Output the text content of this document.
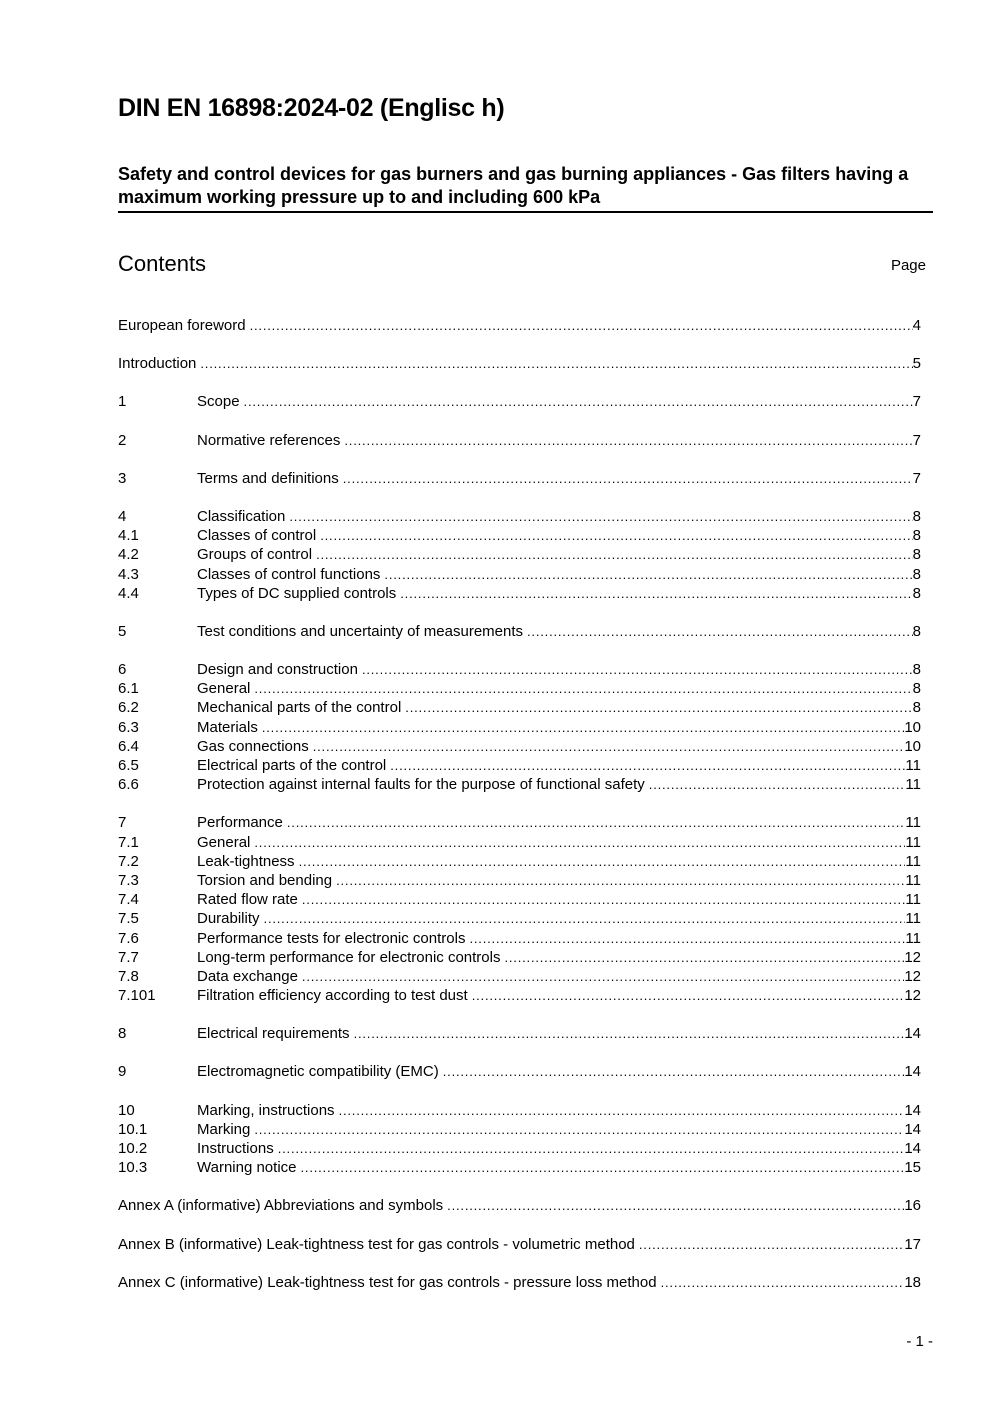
DIN EN 16898:2024-02 (Englisc h)
Safety and control devices for gas burners and gas burning appliances - Gas filters having a maximum working pressure up to and including 600 kPa
Contents	Page
European foreword .....	4
Introduction .....	5
1	Scope .....	7
2	Normative references .....	7
3	Terms and definitions .....	7
4	Classification .....	8
4.1	Classes of control .....	8
4.2	Groups of control .....	8
4.3	Classes of control functions .....	8
4.4	Types of DC supplied controls .....	8
5	Test conditions and uncertainty of measurements .....	8
6	Design and construction .....	8
6.1	General .....	8
6.2	Mechanical parts of the control .....	8
6.3	Materials .....	10
6.4	Gas connections .....	10
6.5	Electrical parts of the control .....	11
6.6	Protection against internal faults for the purpose of functional safety .....	11
7	Performance .....	11
7.1	General .....	11
7.2	Leak-tightness .....	11
7.3	Torsion and bending .....	11
7.4	Rated flow rate .....	11
7.5	Durability .....	11
7.6	Performance tests for electronic controls .....	11
7.7	Long-term performance for electronic controls .....	12
7.8	Data exchange .....	12
7.101	Filtration efficiency according to test dust .....	12
8	Electrical requirements .....	14
9	Electromagnetic compatibility (EMC) .....	14
10	Marking, instructions .....	14
10.1	Marking .....	14
10.2	Instructions .....	14
10.3	Warning notice .....	15
Annex A (informative) Abbreviations and symbols .....	16
Annex B (informative) Leak-tightness test for gas controls - volumetric method .....	17
Annex C (informative) Leak-tightness test for gas controls - pressure loss method .....	18
- 1 -
